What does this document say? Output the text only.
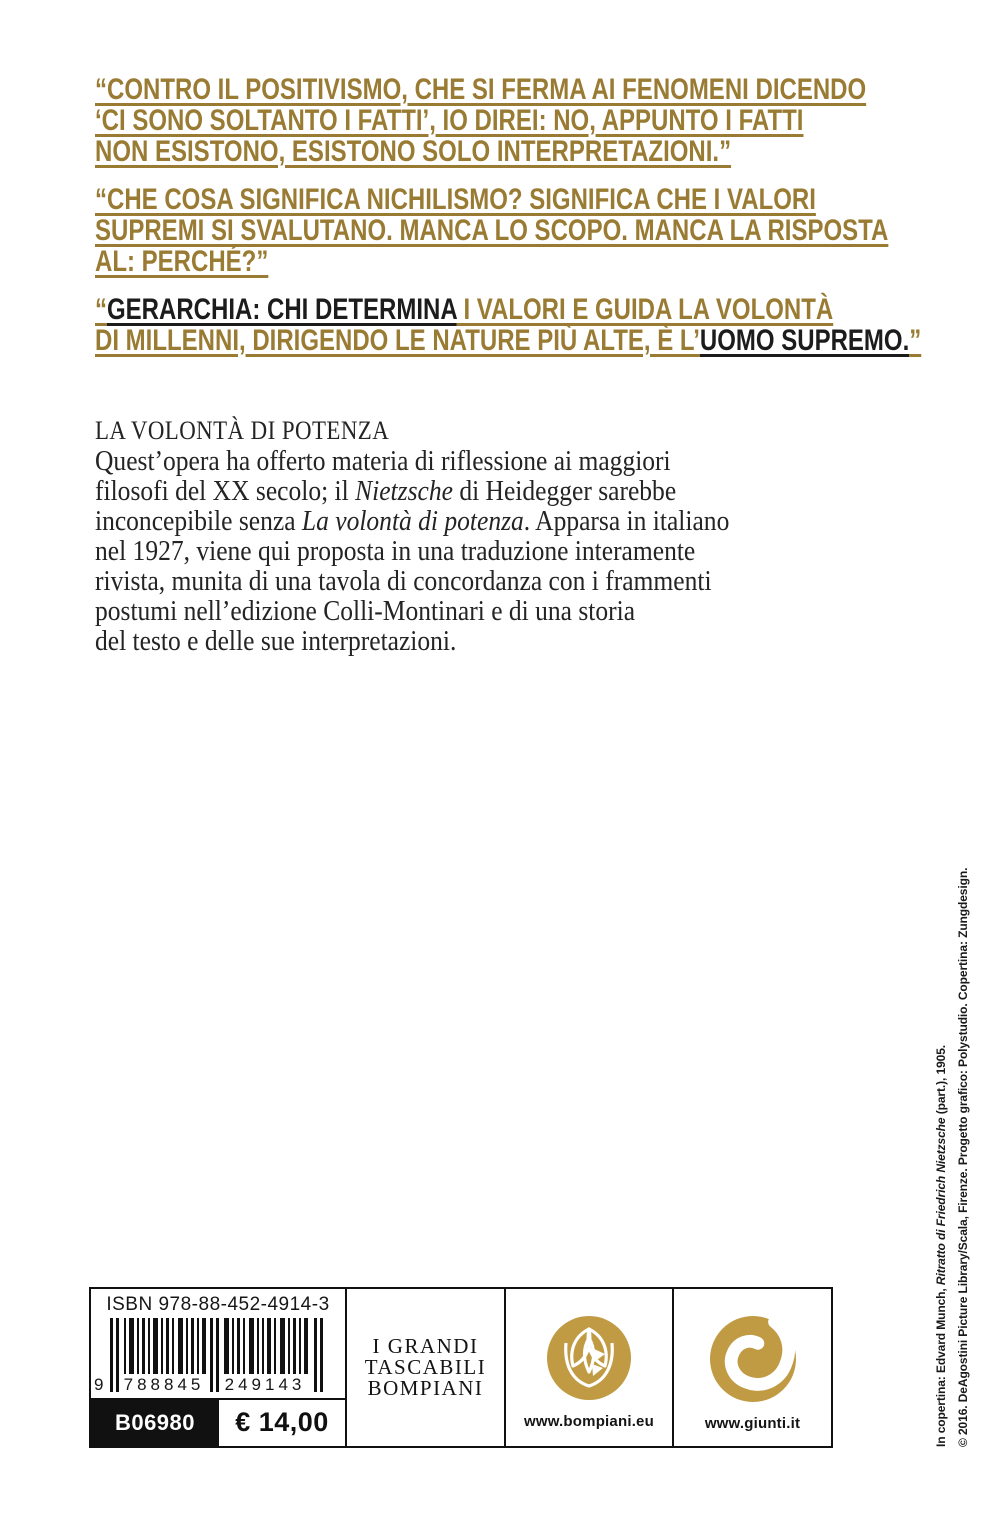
“CONTRO IL POSITIVISMO, CHE SI FERMA AI FENOMENI DICENDO
‘CI SONO SOLTANTO I FATTI’, IO DIREI: NO, APPUNTO I FATTI
NON ESISTONO, ESISTONO SOLO INTERPRETAZIONI.”
“CHE COSA SIGNIFICA NICHILISMO? SIGNIFICA CHE I VALORI
SUPREMI SI SVALUTANO. MANCA LO SCOPO. MANCA LA RISPOSTA
AL: PERCHÉ?”
“GERARCHIA: CHI DETERMINA I VALORI E GUIDA LA VOLONTÀ
DI MILLENNI, DIRIGENDO LE NATURE PIÙ ALTE, È L’UOMO SUPREMO.”
LA VOLONTÀ DI POTENZA
Quest’opera ha offerto materia di riflessione ai maggiori
filosofi del XX secolo; il Nietzsche di Heidegger sarebbe
inconcepibile senza La volontà di potenza. Apparsa in italiano
nel 1927, viene qui proposta in una traduzione interamente
rivista, munita di una tavola di concordanza con i frammenti
postumi nell’edizione Colli-Montinari e di una storia
del testo e delle sue interpretazioni.
In copertina: Edvard Munch, Ritratto di Friedrich Nietzsche (part.), 1905. © 2016. DeAgostini Picture Library/Scala, Firenze. Progetto grafico: Polystudio. Copertina: Zungdesign.
ISBN 978-88-452-4914-3
9 788845	249143
B06980	€ 14,00
I GRANDI
TASCABILI
BOMPIANI
www.bompiani.eu	www.giunti.it
